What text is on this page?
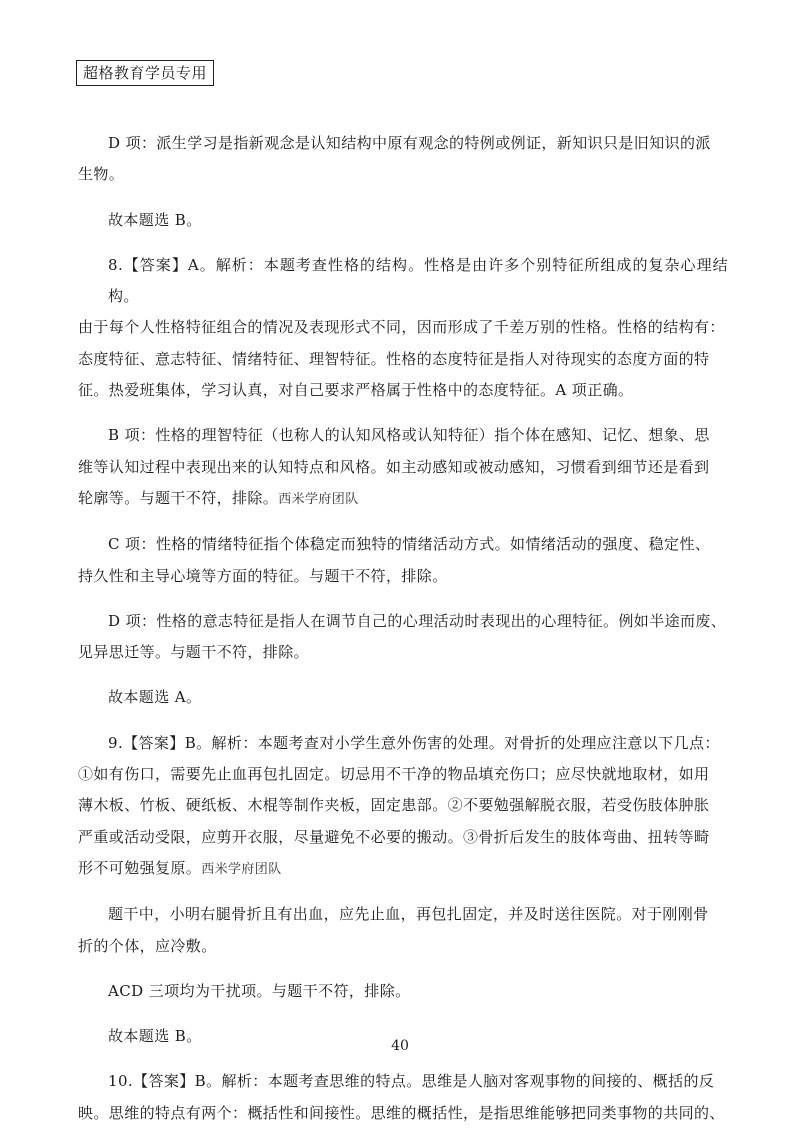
超格教育学员专用

D 项：派生学习是指新观念是认知结构中原有观念的特例或例证，新知识只是旧知识的派
生物。

故本题选 B。

8.【答案】A。解析：本题考查性格的结构。性格是由许多个别特征所组成的复杂心理结构。
由于每个人性格特征组合的情况及表现形式不同，因而形成了千差万别的性格。性格的结构有：
态度特征、意志特征、情绪特征、理智特征。性格的态度特征是指人对待现实的态度方面的特
征。热爱班集体，学习认真，对自己要求严格属于性格中的态度特征。A 项正确。

B 项：性格的理智特征（也称人的认知风格或认知特征）指个体在感知、记忆、想象、思
维等认知过程中表现出来的认知特点和风格。如主动感知或被动感知，习惯看到细节还是看到
轮廓等。与题干不符，排除。西米学府团队

C 项：性格的情绪特征指个体稳定而独特的情绪活动方式。如情绪活动的强度、稳定性、
持久性和主导心境等方面的特征。与题干不符，排除。

D 项：性格的意志特征是指人在调节自己的心理活动时表现出的心理特征。例如半途而废、
见异思迁等。与题干不符，排除。

故本题选 A。

9.【答案】B。解析：本题考查对小学生意外伤害的处理。对骨折的处理应注意以下几点：
①如有伤口，需要先止血再包扎固定。切忌用不干净的物品填充伤口；应尽快就地取材，如用
薄木板、竹板、硬纸板、木棍等制作夹板，固定患部。②不要勉强解脱衣服，若受伤肢体肿胀
严重或活动受限，应剪开衣服，尽量避免不必要的搬动。③骨折后发生的肢体弯曲、扭转等畸
形不可勉强复原。西米学府团队

题干中，小明右腿骨折且有出血，应先止血，再包扎固定，并及时送往医院。对于刚刚骨
折的个体，应冷敷。

ACD 三项均为干扰项。与题干不符，排除。

故本题选 B。

10.【答案】B。解析：本题考查思维的特点。思维是人脑对客观事物的间接的、概括的反
映。思维的特点有两个：概括性和间接性。思维的概括性，是指思维能够把同类事物的共同的、

40
